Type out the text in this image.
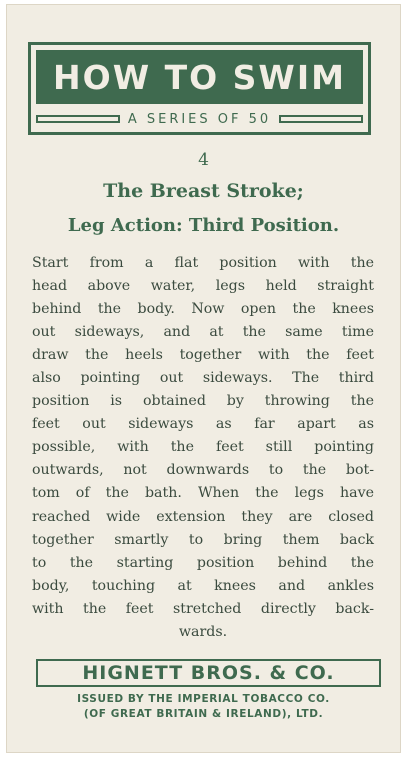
HOW TO SWIM
A SERIES OF 50
4
The Breast Stroke;
Leg Action: Third Position.
Start from a flat position with the
head above water, legs held straight
behind the body. Now open the knees
out sideways, and at the same time
draw the heels together with the feet
also pointing out sideways. The third
position is obtained by throwing the
feet out sideways as far apart as
possible, with the feet still pointing
outwards, not downwards to the bot-
tom of the bath. When the legs have
reached wide extension they are closed
together smartly to bring them back
to the starting position behind the
body, touching at knees and ankles
with the feet stretched directly back-
wards.
HIGNETT BROS. & CO.
ISSUED BY THE IMPERIAL TOBACCO CO.
(OF GREAT BRITAIN & IRELAND), LTD.
